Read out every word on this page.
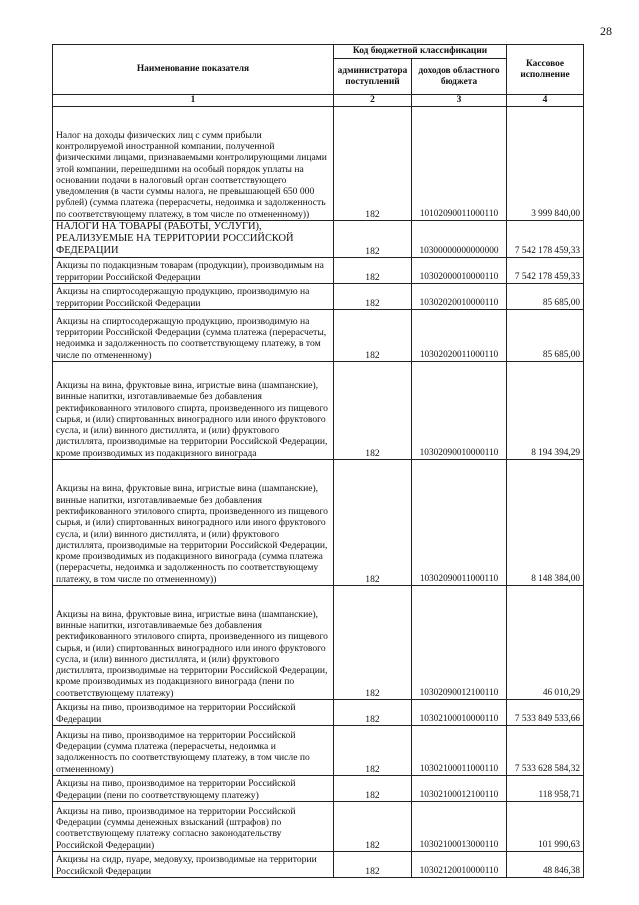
28
Наименование показателя	Код бюджетной классификации		Кассовое исполнение
	администратора поступлений	доходов областного бюджета	
1	2	3	4
Налог на доходы физических лиц с сумм прибыли контролируемой иностранной компании, полученной физическими лицами, признаваемыми контролирующими лицами этой компании, перешедшими на особый порядок уплаты на основании подачи в налоговый орган соответствующего уведомления (в части суммы налога, не превышающей 650 000 рублей) (сумма платежа (перерасчеты, недоимка и задолженность по соответствующему платежу, в том числе по отмененному))	182	10102090011000110	3 999 840,00
НАЛОГИ НА ТОВАРЫ (РАБОТЫ, УСЛУГИ), РЕАЛИЗУЕМЫЕ НА ТЕРРИТОРИИ РОССИЙСКОЙ ФЕДЕРАЦИИ	182	10300000000000000	7 542 178 459,33
Акцизы по подакцизным товарам (продукции), производимым на территории Российской Федерации	182	10302000010000110	7 542 178 459,33
Акцизы на спиртосодержащую продукцию, производимую на территории Российской Федерации	182	10302020010000110	85 685,00
Акцизы на спиртосодержащую продукцию, производимую на территории Российской Федерации (сумма платежа (перерасчеты, недоимка и задолженность по соответствующему платежу, в том числе по отмененному)	182	10302020011000110	85 685,00
Акцизы на вина, фруктовые вина, игристые вина (шампанские), винные напитки, изготавливаемые без добавления ректификованного этилового спирта, произведенного из пищевого сырья, и (или) спиртованных виноградного или иного фруктового сусла, и (или) винного дистиллята, и (или) фруктового дистиллята, производимые на территории Российской Федерации, кроме производимых из подакцизного винограда	182	10302090010000110	8 194 394,29
Акцизы на вина, фруктовые вина, игристые вина (шампанские), винные напитки, изготавливаемые без добавления ректификованного этилового спирта, произведенного из пищевого сырья, и (или) спиртованных виноградного или иного фруктового сусла, и (или) винного дистиллята, и (или) фруктового дистиллята, производимые на территории Российской Федерации, кроме производимых из подакцизного винограда (сумма платежа (перерасчеты, недоимка и задолженность по соответствующему платежу, в том числе по отмененному))	182	10302090011000110	8 148 384,00
Акцизы на вина, фруктовые вина, игристые вина (шампанские), винные напитки, изготавливаемые без добавления ректификованного этилового спирта, произведенного из пищевого сырья, и (или) спиртованных виноградного или иного фруктового сусла, и (или) винного дистиллята, и (или) фруктового дистиллята, производимые на территории Российской Федерации, кроме производимых из подакцизного винограда (пени по соответствующему платежу)	182	10302090012100110	46 010,29
Акцизы на пиво, производимое на территории Российской Федерации	182	10302100010000110	7 533 849 533,66
Акцизы на пиво, производимое на территории Российской Федерации (сумма платежа (перерасчеты, недоимка и задолженность по соответствующему платежу, в том числе по отмененному)	182	10302100011000110	7 533 628 584,32
Акцизы на пиво, производимое на территории Российской Федерации (пени по соответствующему платежу)	182	10302100012100110	118 958,71
Акцизы на пиво, производимое на территории Российской Федерации (суммы денежных взысканий (штрафов) по соответствующему платежу согласно законодательству Российской Федерации)	182	10302100013000110	101 990,63
Акцизы на сидр, пуаре, медовуху, производимые на территории Российской Федерации	182	10302120010000110	48 846,38
